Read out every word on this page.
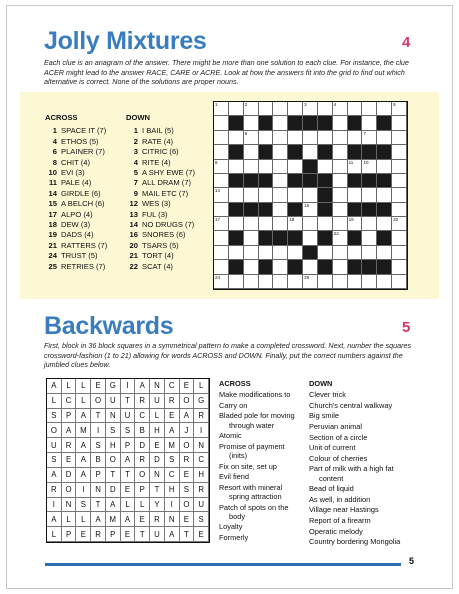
Jolly Mixtures	4
Each clue is an anagram of the answer. There might be more than one solution to each clue. For instance, the clue ACER might lead to the answer RACE, CARE or ACRE. Look at how the answers fit into the grid to find out which alternative is correct. None of the solutions are proper nouns.
ACROSS
1 SPACE IT (7)
4 ETHOS (5)
6 PLAINER (7)
8 CHIT (4)
10 EVI (3)
11 PALE (4)
14 GIRDLE (6)
15 A BELCH (6)
17 ALPO (4)
18 DEW (3)
19 DADS (4)
21 RATTERS (7)
24 TRUST (5)
25 RETRIES (7)
DOWN
1 I BAIL (5)
2 RATE (4)
3 CITRIC (6)
4 RITE (4)
5 A SHY EWE (7)
7 ALL DRAM (7)
9 MAIL ETC (7)
12 WES (3)
13 FUL (3)
14 NO DRUGS (7)
16 SNORES (6)
20 TSARS (5)
21 TORT (4)
22 SCAT (4)
1	2	3	4	5
6	7
8	11 10
14
16
17	18	19	20
22
24	25
Backwards	5
First, block in 36 block squares in a symmetrical pattern to make a completed crossword. Next, number the squares crossword-fashion (1 to 21) allowing for words ACROSS and DOWN. Finally, put the correct numbers against the jumbled clues below.
A	L	L	E	G	I	A	N	C	E	L
L	C	L	O	U	T	R	U	R	O	G
S	P	A	T	N	U	C	L	E	A	R
O	A	M	I	S	S	B	H	A	J	I
U	R	A	S	H	P	D	E	M	O	N
S	E	A	B	O	A	R	D	S	R	C
A	D	A	P	T	T	O	N	C	E	H
R	O	I	N	D	E	P	T	H	S	R
I	N	S	T	A	L	L	Y	I	O	U
A	L	L	A	M	A	E	R	N	E	S
L	P	E	R	P	E	T	U	A	T	E
ACROSS
Make modifications to
Carry on
Bladed pole for moving through water
Atomic
Promise of payment (inits)
Fix on site, set up
Evil fiend
Resort with mineral spring attraction
Patch of spots on the body
Loyalty
Formerly
DOWN
Clever trick
Church's central walkway
Big smile
Peruvian animal
Section of a circle
Unit of current
Colour of cherries
Part of milk with a high fat content
Bead of liquid
As well, in addition
Village near Hastings
Report of a firearm
Operatic melody
Country bordering Mongolia
5
